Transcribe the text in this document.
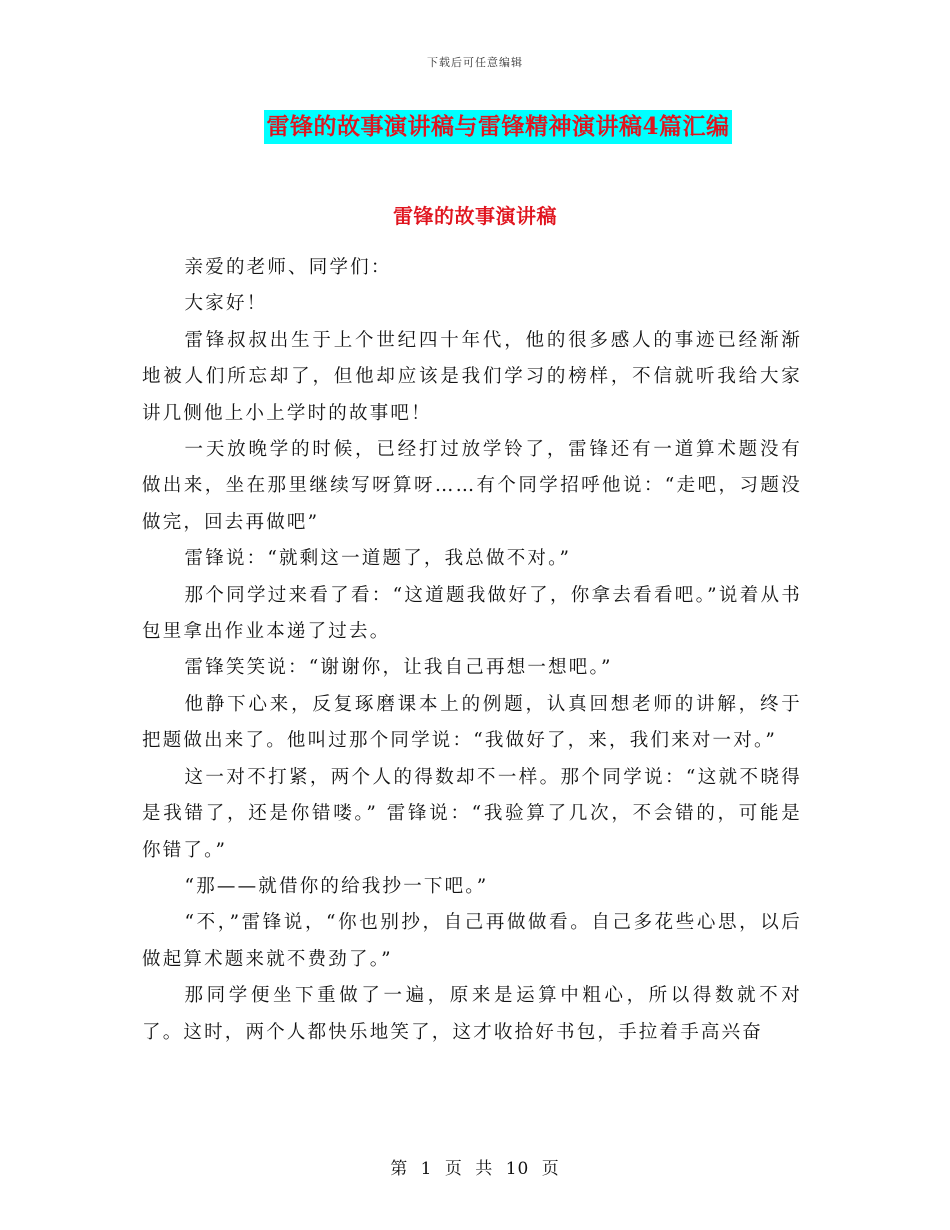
下载后可任意编辑
雷锋的故事演讲稿与雷锋精神演讲稿4篇汇编
雷锋的故事演讲稿

亲爱的老师、同学们：

大家好！

雷锋叔叔出生于上个世纪四十年代，他的很多感人的事迹已经渐渐地被人们所忘却了，但他却应该是我们学习的榜样，不信就听我给大家讲几侧他上小上学时的故事吧！

一天放晚学的时候，已经打过放学铃了，雷锋还有一道算术题没有做出来，坐在那里继续写呀算呀……有个同学招呼他说：“走吧，习题没做完，回去再做吧”

雷锋说：“就剩这一道题了，我总做不对。”

那个同学过来看了看：“这道题我做好了，你拿去看看吧。”说着从书包里拿出作业本递了过去。

雷锋笑笑说：“谢谢你，让我自己再想一想吧。”

他静下心来，反复琢磨课本上的例题，认真回想老师的讲解，终于把题做出来了。他叫过那个同学说：“我做好了，来，我们来对一对。”

这一对不打紧，两个人的得数却不一样。那个同学说：“这就不晓得是我错了，还是你错喽。” 雷锋说：“我验算了几次，不会错的，可能是你错了。”

“那——就借你的给我抄一下吧。”

“不，”雷锋说，“你也别抄，自己再做做看。自己多花些心思，以后做起算术题来就不费劲了。”

那同学便坐下重做了一遍，原来是运算中粗心，所以得数就不对了。这时，两个人都快乐地笑了，这才收拾好书包，手拉着手高兴奋

第 1 页 共 10 页
